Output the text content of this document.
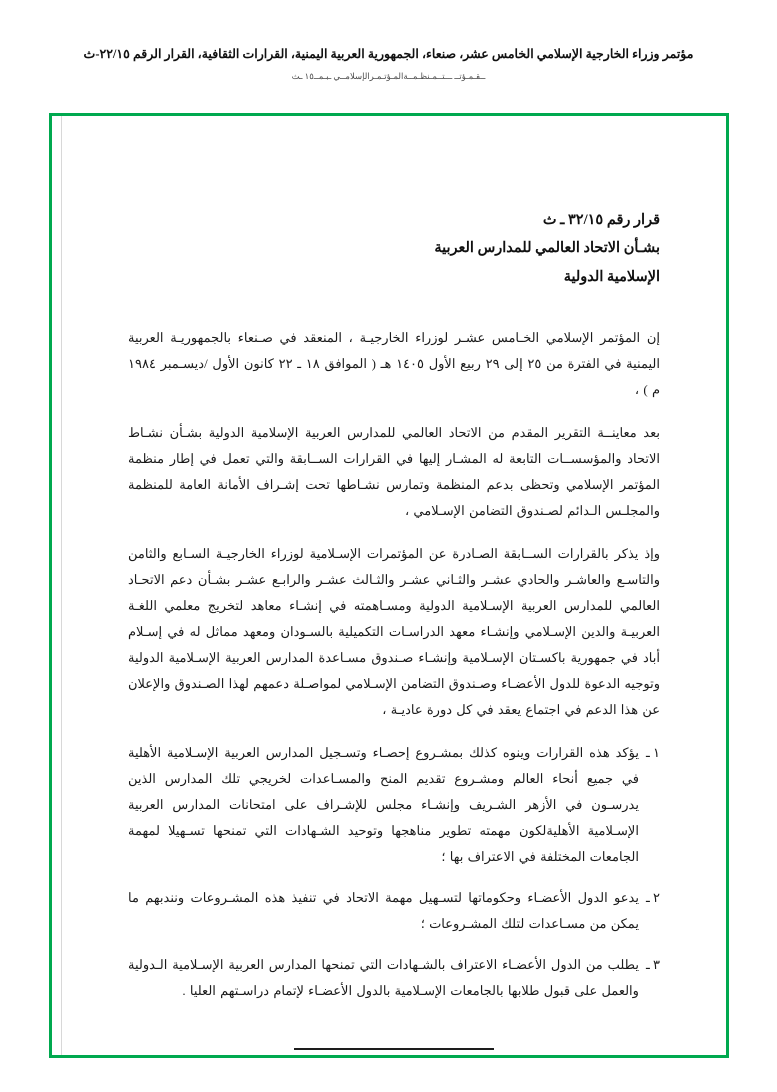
مؤتمر وزراء الخارجية الإسلامي الخامس عشر، صنعاء، الجمهورية العربية اليمنية، القرارات الثقافية، القرار الرقم ٢٢/١٥-ث
ــقـمـؤتــ ـــتــمـنظـمــةالمـؤتـمـرالإسلامــي ـبـمــ١٥ ـث
قرار رقم ٣٢/١٥ ـ ث
بشـأن الاتحاد العالمي للمدارس العربية
الإسلامية الدولية

إن المؤتمر الإسلامي الخـامس عشـر لوزراء الخارجيـة ، المنعقد في صـنعاء بالجمهوريـة العربية اليمنية في الفترة من ٢٥ إلى ٢٩ ربيع الأول ١٤٠٥ هـ ( الموافق ١٨ ـ ٢٢ كانون الأول /ديسـمبر ١٩٨٤ م ) ،

بعد معاينــة التقرير المقدم من الاتحاد العالمي للمدارس العربية الإسلامية الدولية بشـأن نشـاط الاتحاد والمؤسســات التابعة له المشـار إليها في القرارات الســابقة والتي تعمل في إطار منظمة المؤتمر الإسلامي وتحظى بدعم المنظمة وتمارس نشـاطها تحت إشـراف الأمانة العامة للمنظمة والمجلـس الـدائم لصـندوق التضامن الإسـلامي ،

وإذ يذكر بالقرارات الســابقة الصـادرة عن المؤتمرات الإسـلامية لوزراء الخارجيـة السـابع والثامن والتاسـع والعاشـر والحادي عشـر والثـاني عشـر والثـالث عشـر والرابـع عشـر بشـأن دعم الاتحـاد العالمي للمدارس العربية الإسـلامية الدولية ومسـاهمته في إنشـاء معاهد لتخريج معلمي اللغـة العربيـة والدين الإسـلامي وإنشـاء معهد الدراسـات التكميلية بالسـودان ومعهد مماثل له في إسـلام أباد في جمهورية باكسـتان الإسـلامية وإنشـاء صـندوق مسـاعدة المدارس العربية الإسـلامية الدولية وتوجيه الدعوة للدول الأعضـاء وصـندوق التضامن الإسـلامي لمواصـلة دعمهم لهذا الصـندوق والإعلان عن هذا الدعم في اجتماع يعقد في كل دورة عاديـة ،

١ ـ
يؤكد هذه القرارات وينوه كذلك بمشـروع إحصـاء وتسـجيل المدارس العربية الإسـلامية الأهلية في جميع أنحاء العالم ومشـروع تقديم المنح والمسـاعدات لخريجي تلك المدارس الذين يدرسـون في الأزهر الشـريف وإنشـاء مجلس للإشـراف على امتحانات المدارس العربية الإسـلامية الأهليةلكون مهمته تطوير مناهجها وتوحيد الشـهادات التي تمنحها تسـهيلا لمهمة الجامعات المختلفة في الاعتراف بها ؛
٢ ـ
يدعو الدول الأعضـاء وحكوماتها لتسـهيل مهمة الاتحاد في تنفيذ هذه المشـروعات ونندبهم ما يمكن من مسـاعدات لتلك المشـروعات ؛
٣ ـ
يطلب من الدول الأعضـاء الاعتراف بالشـهادات التي تمنحها المدارس العربية الإسـلامية الـدولية والعمل على قبول طلابها بالجامعات الإسـلامية بالدول الأعضـاء لإتمام دراسـتهم العليا .
